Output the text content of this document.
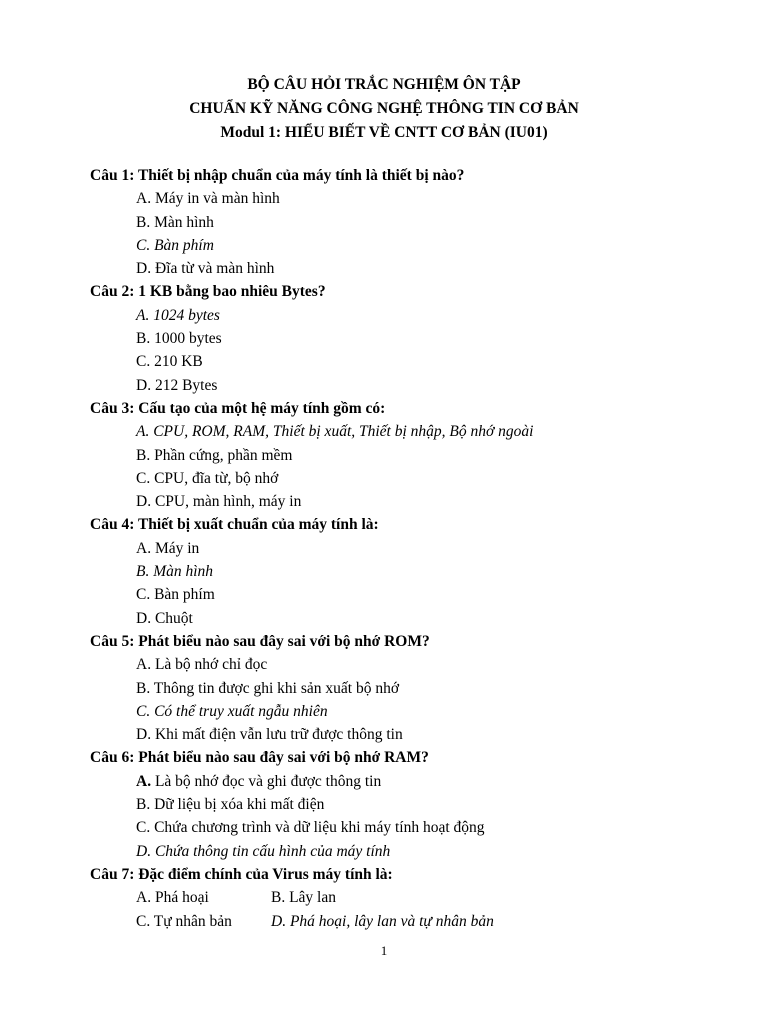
BỘ CÂU HỎI TRẮC NGHIỆM ÔN TẬP
CHUẨN KỸ NĂNG CÔNG NGHỆ THÔNG TIN CƠ BẢN
Modul 1: HIỂU BIẾT VỀ CNTT CƠ BẢN (IU01)
Câu 1: Thiết bị nhập chuẩn của máy tính là thiết bị nào?
A. Máy in và màn hình
B. Màn hình
C. Bàn phím
D. Đĩa từ và màn hình
Câu 2: 1 KB bằng bao nhiêu Bytes?
A. 1024 bytes
B. 1000 bytes
C. 210 KB
D. 212 Bytes
Câu 3: Cấu tạo của một hệ máy tính gồm có:
A. CPU, ROM, RAM, Thiết bị xuất, Thiết bị nhập, Bộ nhớ ngoài
B. Phần cứng, phần mềm
C. CPU, đĩa từ, bộ nhớ
D. CPU, màn hình, máy in
Câu 4: Thiết bị xuất chuẩn của máy tính là:
A. Máy in
B. Màn hình
C. Bàn phím
D. Chuột
Câu 5: Phát biểu nào sau đây sai với bộ nhớ ROM?
A. Là bộ nhớ chỉ đọc
B. Thông tin được ghi khi sản xuất bộ nhớ
C. Có thể truy xuất ngẫu nhiên
D. Khi mất điện vẫn lưu trữ được thông tin
Câu 6: Phát biểu nào sau đây sai với bộ nhớ RAM?
A. Là bộ nhớ đọc và ghi được thông tin
B. Dữ liệu bị xóa khi mất điện
C. Chứa chương trình và dữ liệu khi máy tính hoạt động
D. Chứa thông tin cấu hình của máy tính
Câu 7: Đặc điểm chính của Virus máy tính là:
A. Phá hoại	B. Lây lan
C. Tự nhân bản	D. Phá hoại, lây lan và tự nhân bản
1
